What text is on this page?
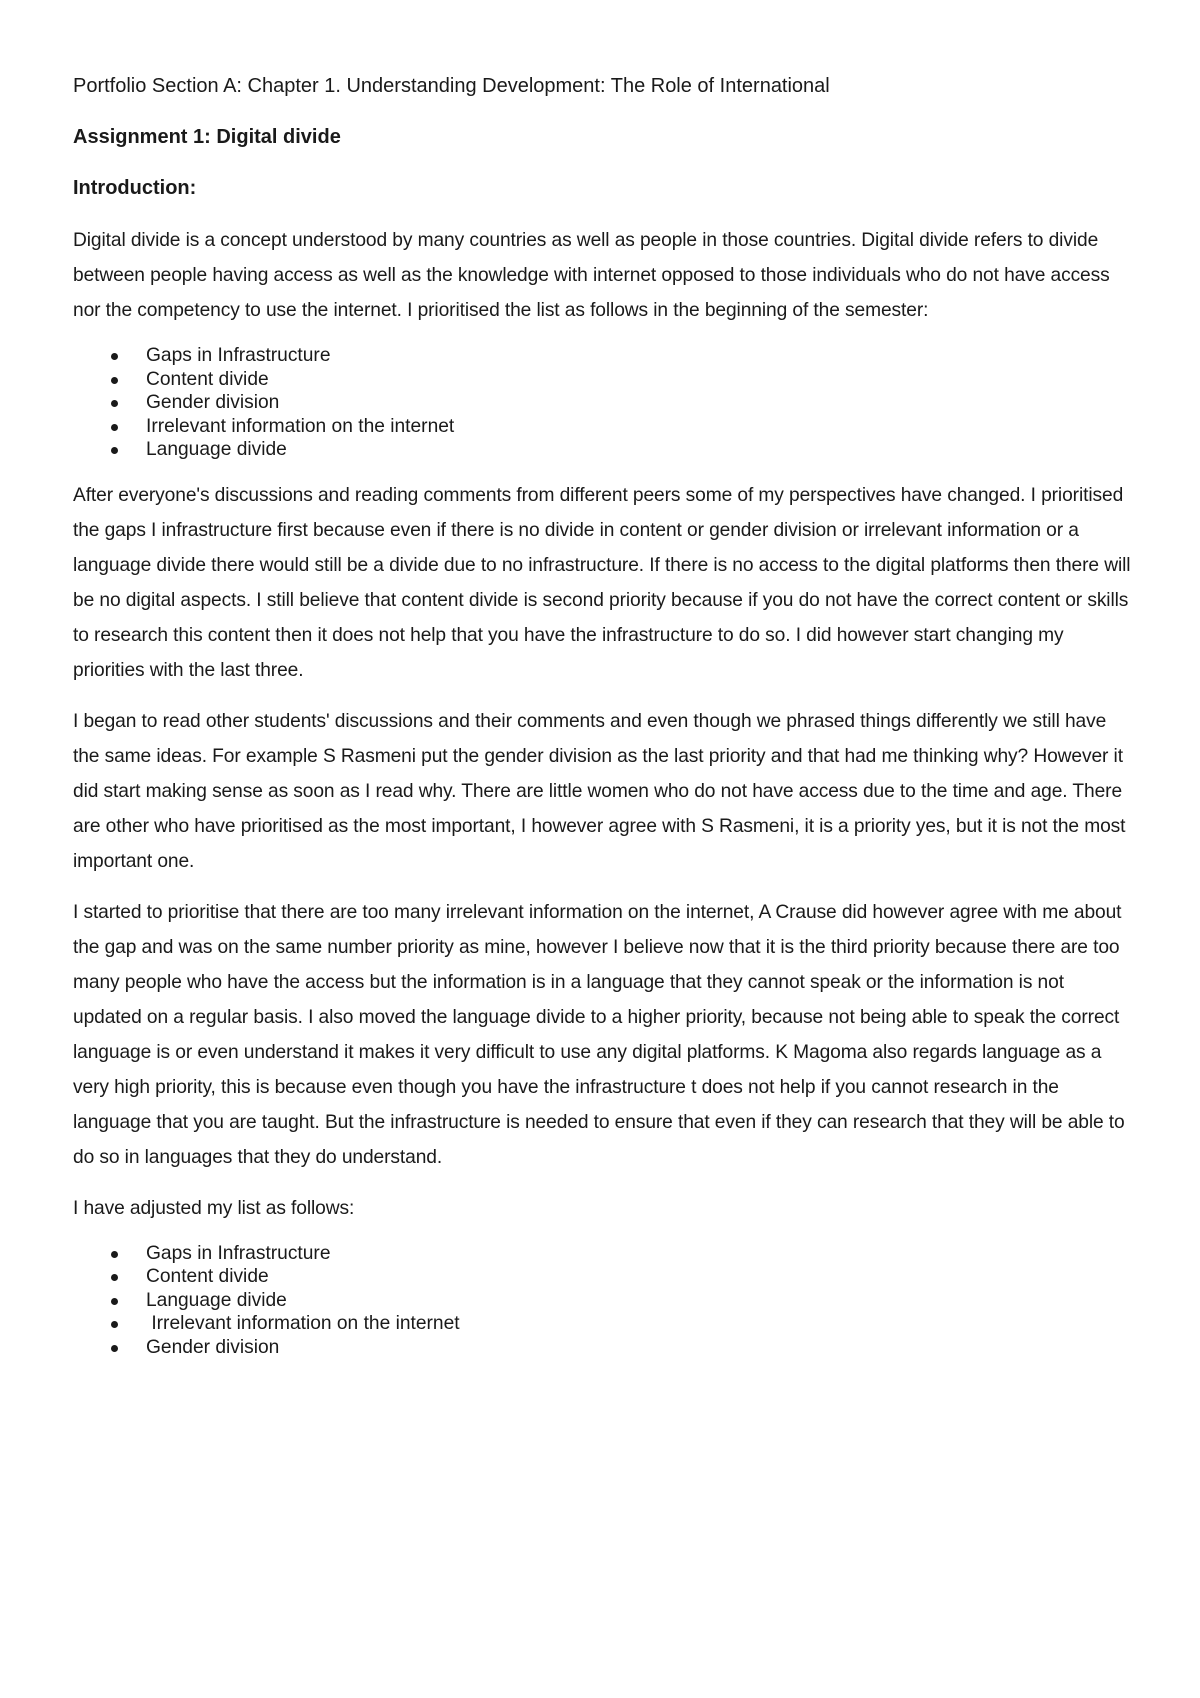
Portfolio Section A: Chapter 1. Understanding Development: The Role of International
Assignment 1: Digital divide
Introduction:

Digital divide is a concept understood by many countries as well as people in those countries. Digital divide refers to divide between people having access as well as the knowledge with internet opposed to those individuals who do not have access nor the competency to use the internet. I prioritised the list as follows in the beginning of the semester:

Gaps in Infrastructure
Content divide
Gender division
Irrelevant information on the internet
Language divide

After everyone's discussions and reading comments from different peers some of my perspectives have changed. I prioritised the gaps I infrastructure first because even if there is no divide in content or gender division or irrelevant information or a language divide there would still be a divide due to no infrastructure. If there is no access to the digital platforms then there will be no digital aspects. I still believe that content divide is second priority because if you do not have the correct content or skills to research this content then it does not help that you have the infrastructure to do so. I did however start changing my priorities with the last three.

I began to read other students' discussions and their comments and even though we phrased things differently we still have the same ideas. For example S Rasmeni put the gender division as the last priority and that had me thinking why? However it did start making sense as soon as I read why. There are little women who do not have access due to the time and age. There are other who have prioritised as the most important, I however agree with S Rasmeni, it is a priority yes, but it is not the most important one.

I started to prioritise that there are too many irrelevant information on the internet, A Crause did however agree with me about the gap and was on the same number priority as mine, however I believe now that it is the third priority because there are too many people who have the access but the information is in a language that they cannot speak or the information is not updated on a regular basis. I also moved the language divide to a higher priority, because not being able to speak the correct language is or even understand it makes it very difficult to use any digital platforms. K Magoma also regards language as a very high priority, this is because even though you have the infrastructure t does not help if you cannot research in the language that you are taught. But the infrastructure is needed to ensure that even if they can research that they will be able to do so in languages that they do understand.

I have adjusted my list as follows:

Gaps in Infrastructure
Content divide
Language divide
Irrelevant information on the internet
Gender division
